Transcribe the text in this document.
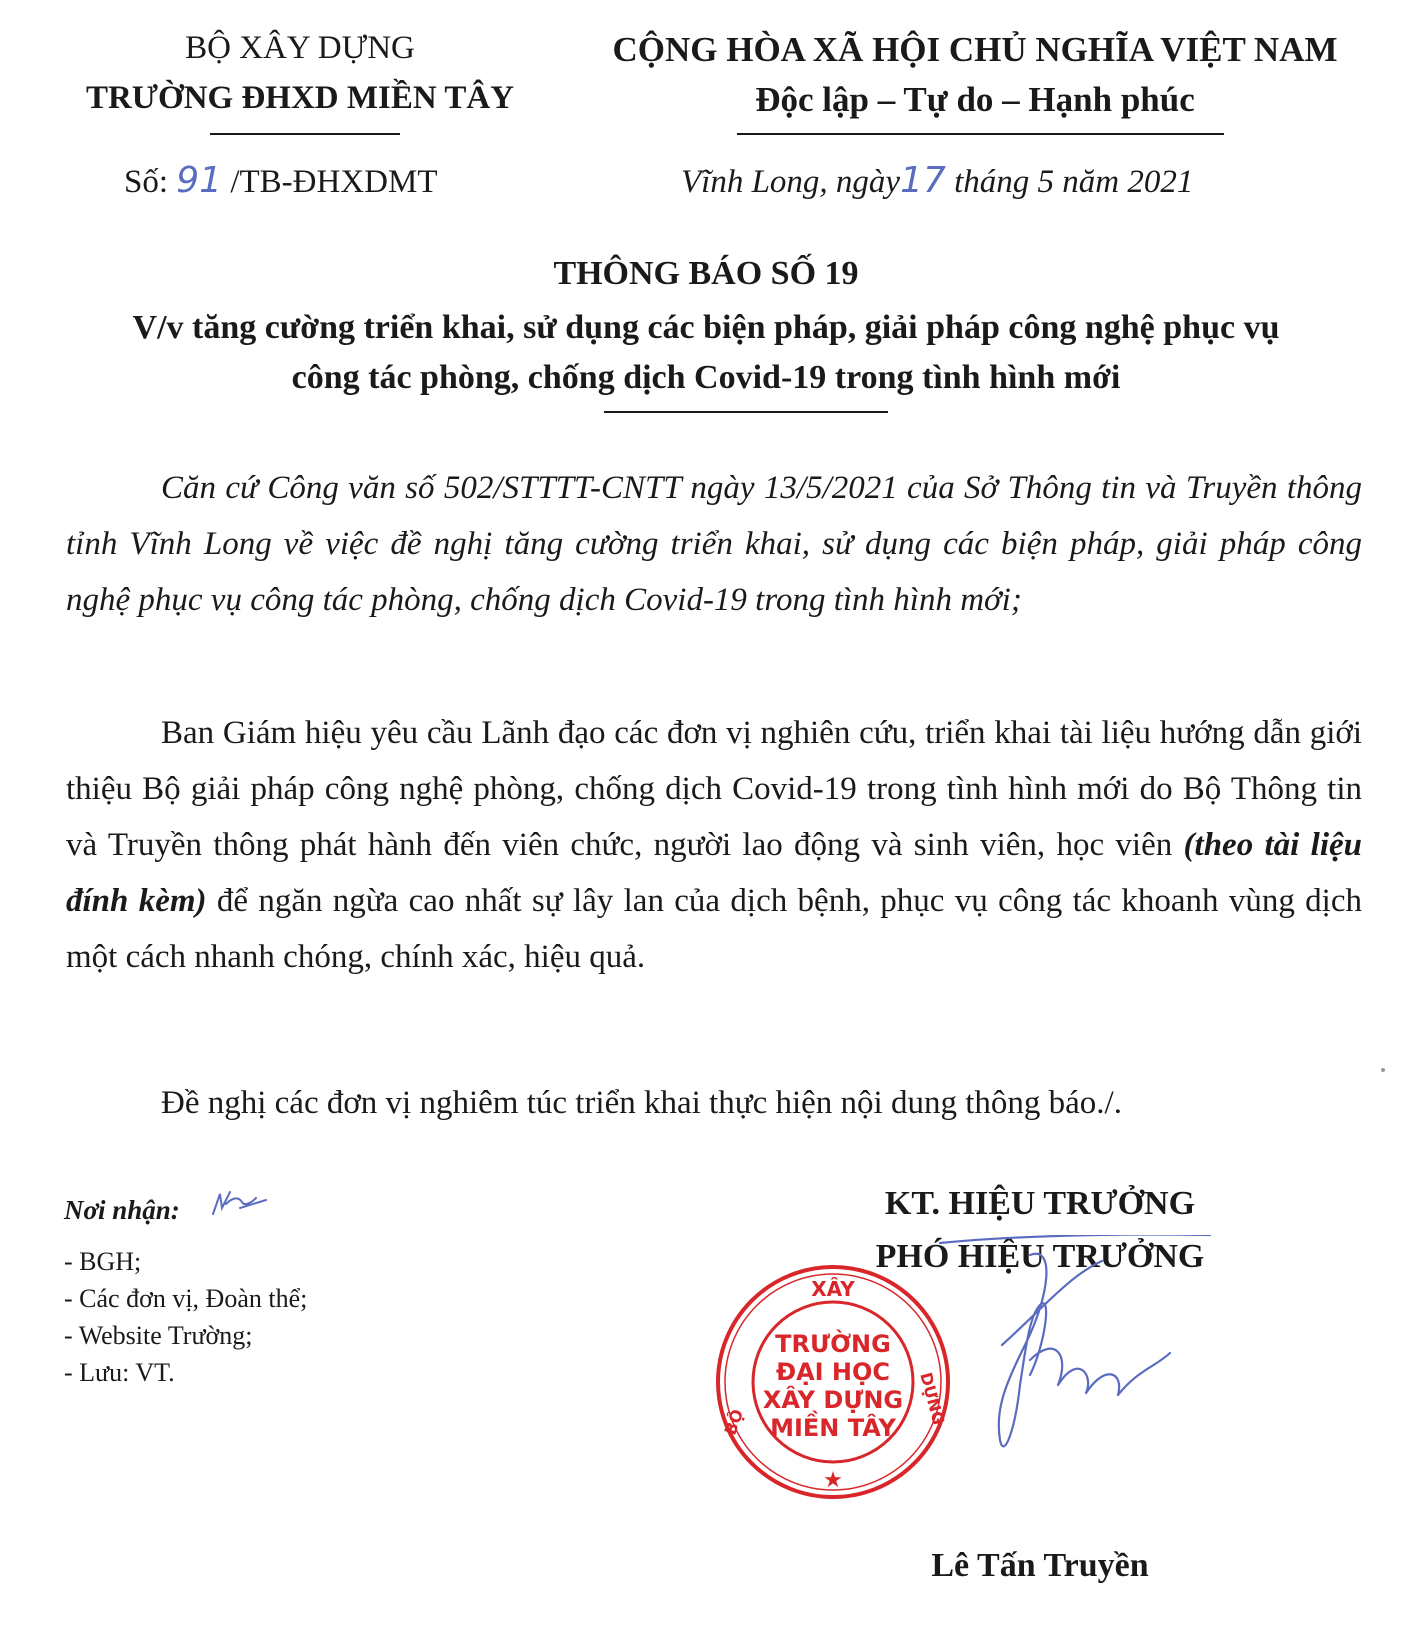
BỘ XÂY DỰNG
TRƯỜNG ĐHXD MIỀN TÂY
CỘNG HÒA XÃ HỘI CHỦ NGHĨA VIỆT NAM
Độc lập – Tự do – Hạnh phúc
Số: 91 /TB-ĐHXDMT	Vĩnh Long, ngày17 tháng 5 năm 2021
THÔNG BÁO SỐ 19
V/v tăng cường triển khai, sử dụng các biện pháp, giải pháp công nghệ phục vụ
công tác phòng, chống dịch Covid-19 trong tình hình mới

Căn cứ Công văn số 502/STTTT-CNTT ngày 13/5/2021 của Sở Thông tin và Truyền thông tỉnh Vĩnh Long về việc đề nghị tăng cường triển khai, sử dụng các biện pháp, giải pháp công nghệ phục vụ công tác phòng, chống dịch Covid-19 trong tình hình mới;

Ban Giám hiệu yêu cầu Lãnh đạo các đơn vị nghiên cứu, triển khai tài liệu hướng dẫn giới thiệu Bộ giải pháp công nghệ phòng, chống dịch Covid-19 trong tình hình mới do Bộ Thông tin và Truyền thông phát hành đến viên chức, người lao động và sinh viên, học viên (theo tài liệu đính kèm) để ngăn ngừa cao nhất sự lây lan của dịch bệnh, phục vụ công tác khoanh vùng dịch một cách nhanh chóng, chính xác, hiệu quả.

Đề nghị các đơn vị nghiêm túc triển khai thực hiện nội dung thông báo./.

Nơi nhận:
- BGH;
- Các đơn vị, Đoàn thể;
- Website Trường;
- Lưu: VT.
KT. HIỆU TRƯỞNG
PHÓ HIỆU TRƯỞNG
XÂY
TRƯỜNG
ĐẠI HỌC
XÂY DỰNG
MIỀN TÂY
BỘ	DỰNG
★
Lê Tấn Truyền
